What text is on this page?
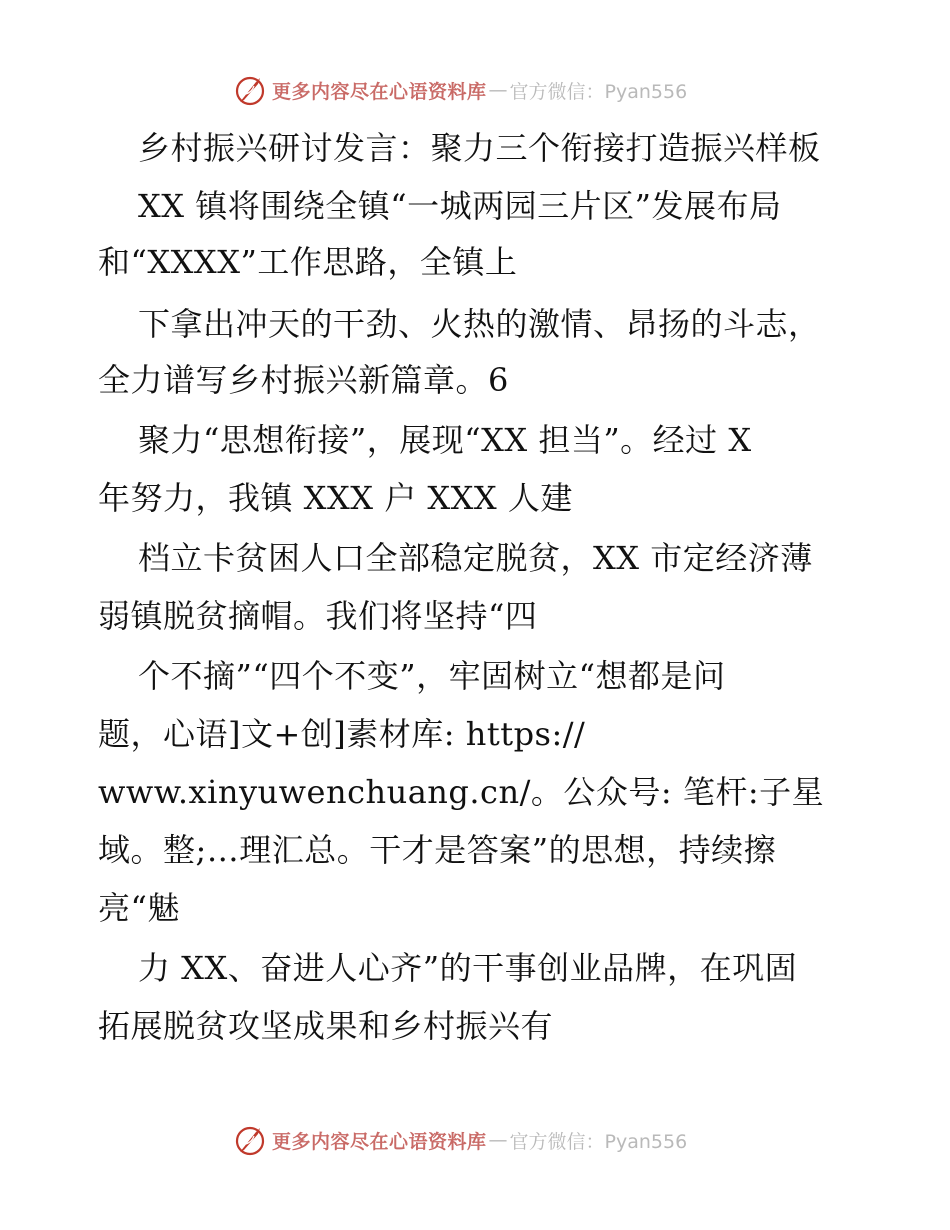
更多内容尽在心语资料库 — 官方微信：Pyan556
乡村振兴研讨发言：聚力三个衔接打造振兴样板
XX 镇将围绕全镇“一城两园三片区”发展布局
和“XXXX”工作思路，全镇上
下拿出冲天的干劲、火热的激情、昂扬的斗志，
全力谱写乡村振兴新篇章。6
聚力“思想衔接”，展现“XX 担当”。经过 X
年努力，我镇 XXX 户 XXX 人建
档立卡贫困人口全部稳定脱贫，XX 市定经济薄
弱镇脱贫摘帽。我们将坚持“四
个不摘”“四个不变”，牢固树立“想都是问
题，心语]文+创]素材库: https://
www.xinyuwenchuang.cn/。公众号: 笔杆:子星
域。整;…理汇总。干才是答案”的思想，持续擦
亮“魅
力 XX、奋进人心齐”的干事创业品牌，在巩固
拓展脱贫攻坚成果和乡村振兴有
更多内容尽在心语资料库 — 官方微信：Pyan556
